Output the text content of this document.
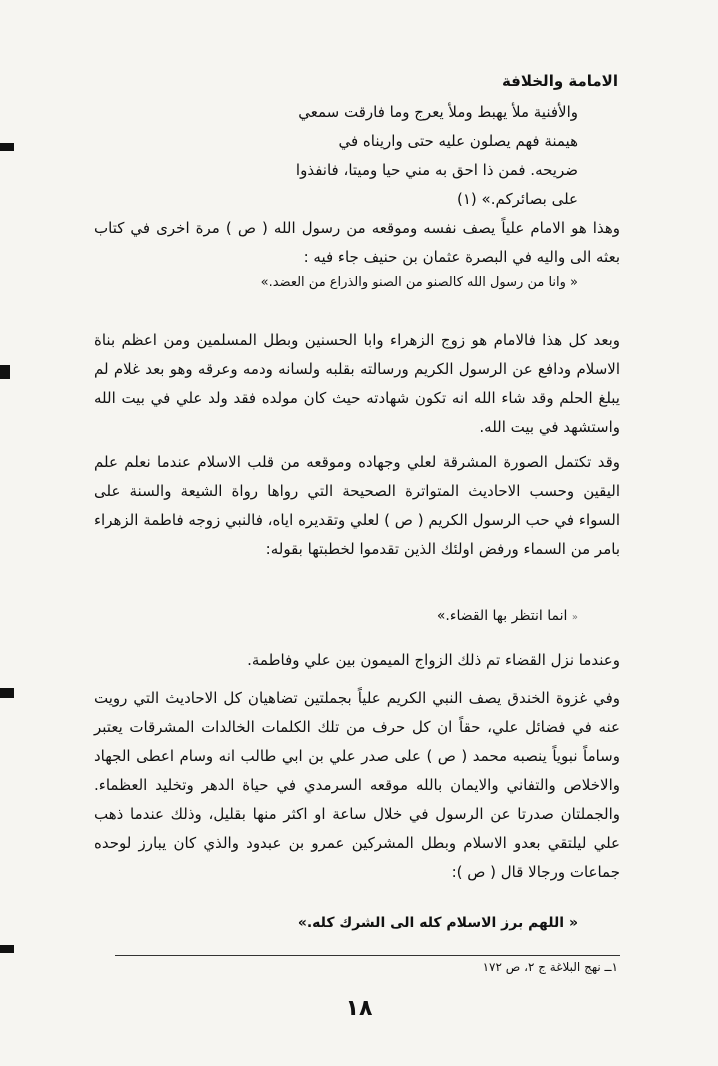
الامامة والخلافة
والأفنية ملأ يهبط وملأ يعرج وما فارقت سمعي
هيمنة فهم يصلون عليه حتى واريناه في
ضريحه. فمن ذا احق به مني حيا وميتا، فانفذوا
على بصائركم.» (١)
وهذا هو الامام علياً يصف نفسه وموقعه من رسول الله ( ص ) مرة اخرى في كتاب بعثه الى واليه في البصرة عثمان بن حنيف جاء فيه :
« وانا من رسول الله كالصنو من الصنو والذراع من العضد.»
وبعد كل هذا فالامام هو زوج الزهراء وابا الحسنين وبطل المسلمين ومن اعظم بناة الاسلام ودافع عن الرسول الكريم ورسالته بقلبه ولسانه ودمه وعرقه وهو بعد غلام لم يبلغ الحلم وقد شاء الله انه تكون شهادته حيث كان مولده فقد ولد علي في بيت الله واستشهد في بيت الله.
وقد تكتمل الصورة المشرقة لعلي وجهاده وموقعه من قلب الاسلام عندما نعلم علم اليقين وحسب الاحاديث المتواترة الصحيحة التي رواها رواة الشيعة والسنة على السواء في حب الرسول الكريم ( ص ) لعلي وتقديره اياه، فالنبي زوجه فاطمة الزهراء بامر من السماء ورفض اولئك الذين تقدموا لخطبتها بقوله:
« انما انتظر بها القضاء.»
وعندما نزل القضاء تم ذلك الزواج الميمون بين علي وفاطمة.
وفي غزوة الخندق يصف النبي الكريم علياً بجملتين تضاهيان كل الاحاديث التي رويت عنه في فضائل علي، حقاً ان كل حرف من تلك الكلمات الخالدات المشرقات يعتبر وساماً نبوياً ينصبه محمد ( ص ) على صدر علي بن ابي طالب انه وسام اعطى الجهاد والاخلاص والتفاني والايمان بالله موقعه السرمدي في حياة الدهر وتخليد العظماء. والجملتان صدرتا عن الرسول في خلال ساعة او اكثر منها بقليل، وذلك عندما ذهب علي ليلتقي بعدو الاسلام وبطل المشركين عمرو بن عبدود والذي كان يبارز لوحده جماعات ورجالا قال ( ص ):
« اللهم برز الاسلام كله الى الشرك كله.»
١ــ نهج البلاغة ج ٢، ص ١٧٢
١٨
